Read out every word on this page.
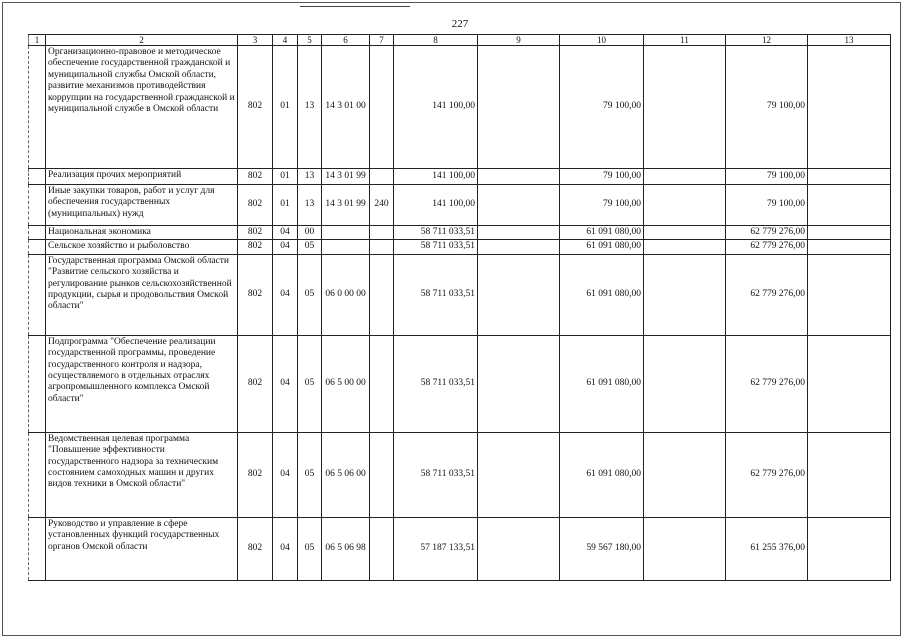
227
1	2	3	4	5	6	7	8	9	10	11	12	13
	Организационно-правовое и методическое обеспечение государственной гражданской и муниципальной службы Омской области, развитие механизмов противодействия коррупции на государственной гражданской и муниципальной службе в Омской области	802	01	13	14 3 01 00		141 100,00		79 100,00		79 100,00	
	Реализация прочих мероприятий	802	01	13	14 3 01 99		141 100,00		79 100,00		79 100,00	
	Иные закупки товаров, работ и услуг для обеспечения государственных (муниципальных) нужд	802	01	13	14 3 01 99	240	141 100,00		79 100,00		79 100,00	
	Национальная экономика	802	04	00			58 711 033,51		61 091 080,00		62 779 276,00	
	Сельское хозяйство и рыболовство	802	04	05			58 711 033,51		61 091 080,00		62 779 276,00	
	Государственная программа Омской области "Развитие сельского хозяйства и регулирование рынков сельскохозяйственной продукции, сырья и продовольствия Омской области"	802	04	05	06 0 00 00		58 711 033,51		61 091 080,00		62 779 276,00	
	Подпрограмма "Обеспечение реализации государственной программы, проведение государственного контроля и надзора, осуществляемого в отдельных отраслях агропромышленного комплекса Омской области"	802	04	05	06 5 00 00		58 711 033,51		61 091 080,00		62 779 276,00	
	Ведомственная целевая программа "Повышение эффективности государственного надзора за техническим состоянием самоходных машин и других видов техники в Омской области"	802	04	05	06 5 06 00		58 711 033,51		61 091 080,00		62 779 276,00	
	Руководство и управление в сфере установленных функций государственных органов Омской области	802	04	05	06 5 06 98		57 187 133,51		59 567 180,00		61 255 376,00	
